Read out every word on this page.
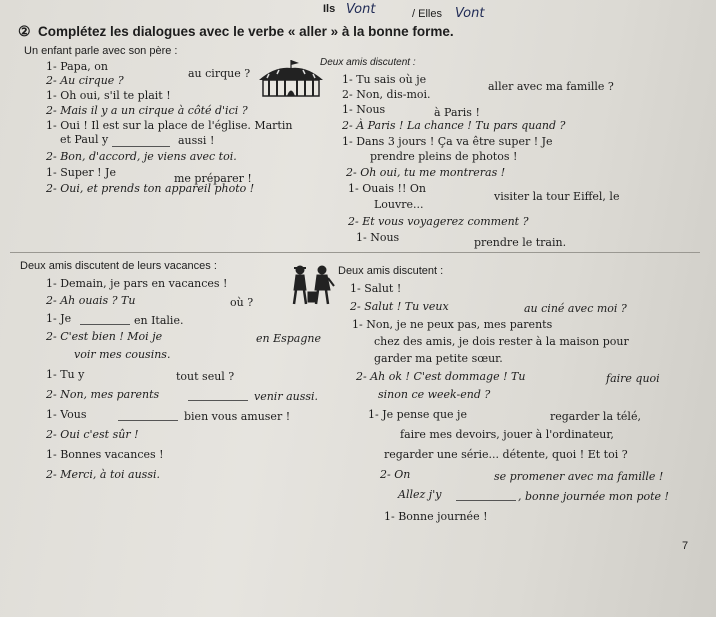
Ils Vont	/ Elles Vont
② Complétez les dialogues avec le verbe « aller » à la bonne forme.
Un enfant parle avec son père :
1- Papa, on
au cirque ?
2- Au cirque ?
1- Oh oui, s'il te plait !
2- Mais il y a un cirque à côté d'ici ?
1- Oui ! Il est sur la place de l'église. Martin
et Paul y	aussi !
2- Bon, d'accord, je viens avec toi.
1- Super ! Je	me préparer !
2- Oui, et prends ton appareil photo !
Deux amis discutent :
1- Tu sais où je
aller avec ma famille ?
2- Non, dis-moi.
1- Nous	à Paris !
2- À Paris ! La chance ! Tu pars quand ?
1- Dans 3 jours ! Ça va être super ! Je
prendre pleins de photos !
2- Oh oui, tu me montreras !
1- Ouais !! On
visiter la tour Eiffel, le
Louvre...
2- Et vous voyagerez comment ?
1- Nous	prendre le train.
Deux amis discutent de leurs vacances :
1- Demain, je pars en vacances !
2- Ah ouais ? Tu	où ?
1- Je	en Italie.
2- C'est bien ! Moi je	en Espagne
voir mes cousins.
1- Tu y	tout seul ?
2- Non, mes parents	venir aussi.
1- Vous	bien vous amuser !
2- Oui c'est sûr !
1- Bonnes vacances !
2- Merci, à toi aussi.
Deux amis discutent :
1- Salut !
2- Salut ! Tu veux	au ciné avec moi ?
1- Non, je ne peux pas, mes parents
chez des amis, je dois rester à la maison pour
garder ma petite sœur.
2- Ah ok ! C'est dommage ! Tu	faire quoi
sinon ce week-end ?
1- Je pense que je	regarder la télé,
faire mes devoirs, jouer à l'ordinateur,
regarder une série... détente, quoi ! Et toi ?
2- On	se promener avec ma famille !
Allez j'y	, bonne journée mon pote !
1- Bonne journée !
7
